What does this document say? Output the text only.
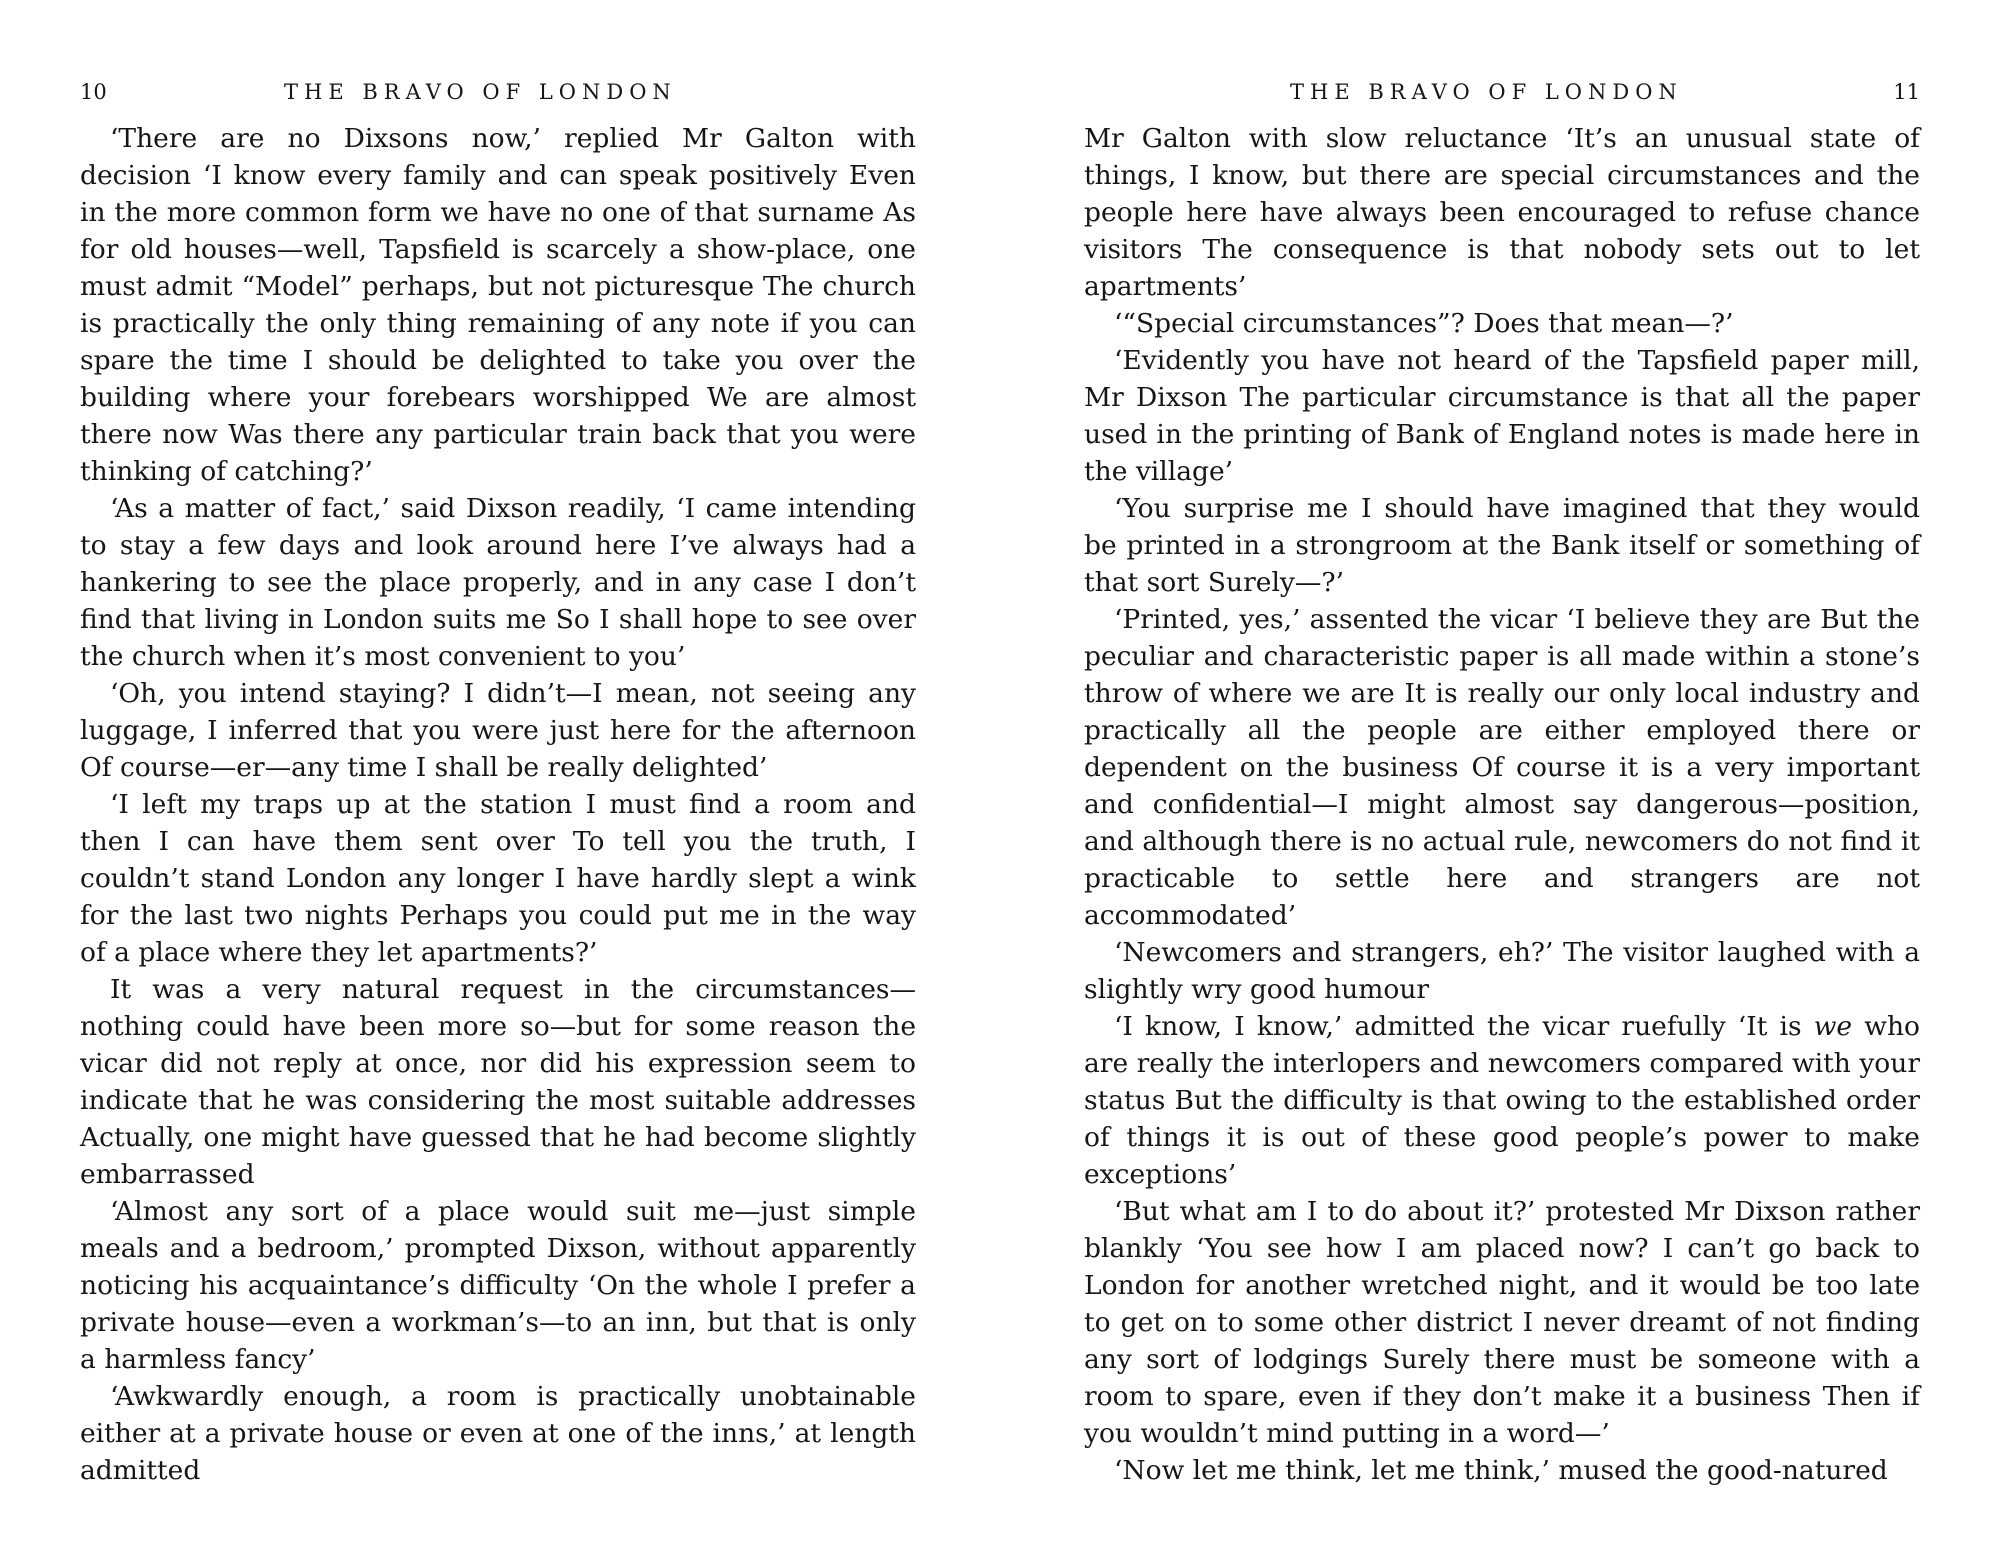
10	THE BRAVO OF LONDON

‘There are no Dixsons now,’ replied Mr Galton with decision ‘I know every family and can speak positively Even in the more common form we have no one of that surname As for old houses—well, Tapsfield is scarcely a show-place, one must admit “Model” perhaps, but not picturesque The church is practically the only thing remaining of any note if you can spare the time I should be delighted to take you over the building where your forebears worshipped We are almost there now Was there any particular train back that you were thinking of catching?’

‘As a matter of fact,’ said Dixson readily, ‘I came intending to stay a few days and look around here I’ve always had a hankering to see the place properly, and in any case I don’t find that living in London suits me So I shall hope to see over the church when it’s most convenient to you’

‘Oh, you intend staying? I didn’t—I mean, not seeing any luggage, I inferred that you were just here for the afternoon Of course—er—any time I shall be really delighted’

‘I left my traps up at the station I must find a room and then I can have them sent over To tell you the truth, I couldn’t stand London any longer I have hardly slept a wink for the last two nights Perhaps you could put me in the way of a place where they let apartments?’

It was a very natural request in the circumstances—nothing could have been more so—but for some reason the vicar did not reply at once, nor did his expression seem to indicate that he was considering the most suitable addresses Actually, one might have guessed that he had become slightly embarrassed

‘Almost any sort of a place would suit me—just simple meals and a bedroom,’ prompted Dixson, without apparently noticing his acquaintance’s difficulty ‘On the whole I prefer a private house—even a workman’s—to an inn, but that is only a harmless fancy’

‘Awkwardly enough, a room is practically unobtainable either at a private house or even at one of the inns,’ at length admitted

THE BRAVO OF LONDON	11

Mr Galton with slow reluctance ‘It’s an unusual state of things, I know, but there are special circumstances and the people here have always been encouraged to refuse chance visitors The consequence is that nobody sets out to let apartments’

‘“Special circumstances”? Does that mean—?’

‘Evidently you have not heard of the Tapsfield paper mill, Mr Dixson The particular circumstance is that all the paper used in the printing of Bank of England notes is made here in the village’

‘You surprise me I should have imagined that they would be printed in a strongroom at the Bank itself or something of that sort Surely—?’

‘Printed, yes,’ assented the vicar ‘I believe they are But the peculiar and characteristic paper is all made within a stone’s throw of where we are It is really our only local industry and practically all the people are either employed there or dependent on the business Of course it is a very important and confidential—I might almost say dangerous—position, and although there is no actual rule, newcomers do not find it practicable to settle here and strangers are not accommodated’

‘Newcomers and strangers, eh?’ The visitor laughed with a slightly wry good humour

‘I know, I know,’ admitted the vicar ruefully ‘It is we who are really the interlopers and newcomers compared with your status But the difficulty is that owing to the established order of things it is out of these good people’s power to make exceptions’

‘But what am I to do about it?’ protested Mr Dixson rather blankly ‘You see how I am placed now? I can’t go back to London for another wretched night, and it would be too late to get on to some other district I never dreamt of not finding any sort of lodgings Surely there must be someone with a room to spare, even if they don’t make it a business Then if you wouldn’t mind putting in a word—’

‘Now let me think, let me think,’ mused the good-natured
